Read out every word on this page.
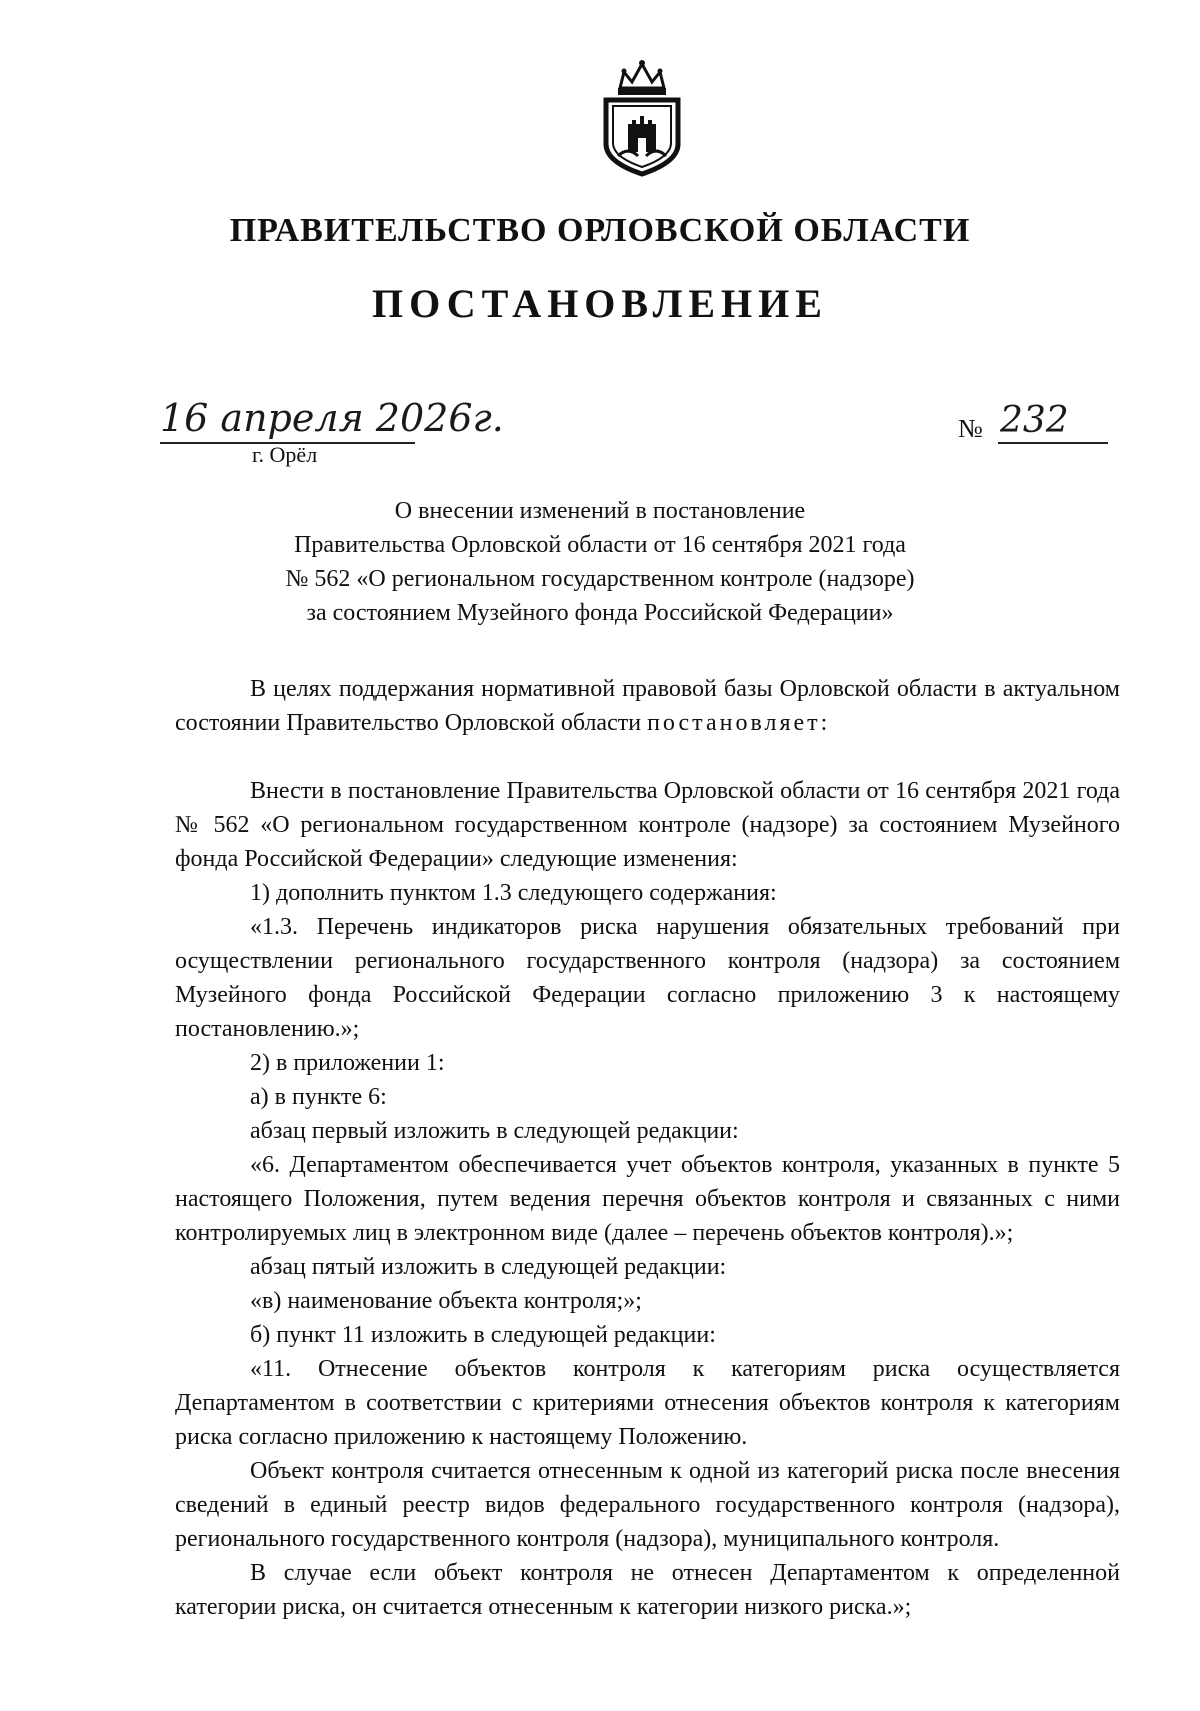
ПРАВИТЕЛЬСТВО ОРЛОВСКОЙ ОБЛАСТИ
ПОСТАНОВЛЕНИЕ
16 апреля 2026г.
г. Орёл
№ 232
О внесении изменений в постановление
Правительства Орловской области от 16 сентября 2021 года
№ 562 «О региональном государственном контроле (надзоре)
за состоянием Музейного фонда Российской Федерации»

В целях поддержания нормативной правовой базы Орловской области в актуальном состоянии Правительство Орловской области постановляет:

Внести в постановление Правительства Орловской области от 16 сентября 2021 года № 562 «О региональном государственном контроле (надзоре) за состоянием Музейного фонда Российской Федерации» следующие изменения:

1) дополнить пунктом 1.3 следующего содержания:

«1.3. Перечень индикаторов риска нарушения обязательных требований при осуществлении регионального государственного контроля (надзора) за состоянием Музейного фонда Российской Федерации согласно приложению 3 к настоящему постановлению.»;

2) в приложении 1:

а) в пункте 6:

абзац первый изложить в следующей редакции:

«6. Департаментом обеспечивается учет объектов контроля, указанных в пункте 5 настоящего Положения, путем ведения перечня объектов контроля и связанных с ними контролируемых лиц в электронном виде (далее – перечень объектов контроля).»;

абзац пятый изложить в следующей редакции:

«в) наименование объекта контроля;»;

б) пункт 11 изложить в следующей редакции:

«11. Отнесение объектов контроля к категориям риска осуществляется Департаментом в соответствии с критериями отнесения объектов контроля к категориям риска согласно приложению к настоящему Положению.

Объект контроля считается отнесенным к одной из категорий риска после внесения сведений в единый реестр видов федерального государственного контроля (надзора), регионального государственного контроля (надзора), муниципального контроля.

В случае если объект контроля не отнесен Департаментом к определенной категории риска, он считается отнесенным к категории низкого риска.»;
